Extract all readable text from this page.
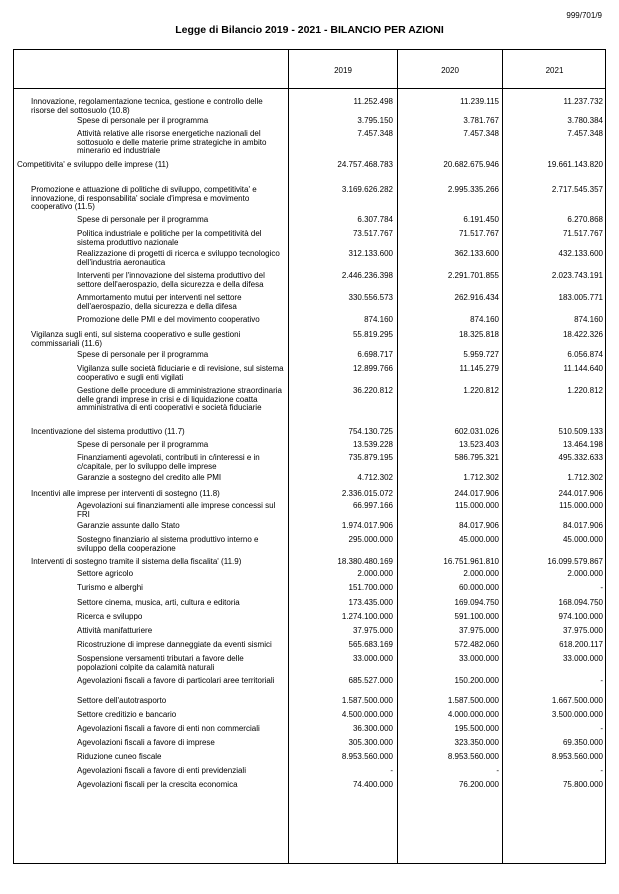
999/701/9
Legge di Bilancio 2019 - 2021 - BILANCIO PER AZIONI
2019	2020	2021
Innovazione, regolamentazione tecnica, gestione e controllo delle risorse del sottosuolo (10.8)
11.252.498	11.239.115	11.237.732
Spese di personale per il programma	3.795.150	3.781.767	3.780.384
Attività relative alle risorse energetiche nazionali del sottosuolo e delle materie prime strategiche in ambito minerario ed industriale
7.457.348	7.457.348	7.457.348
Competitivita' e sviluppo delle imprese (11)	24.757.468.783	20.682.675.946	19.661.143.820
Promozione e attuazione di politiche di sviluppo, competitivita' e innovazione, di responsabilita' sociale d'impresa e movimento cooperativo (11.5)
3.169.626.282	2.995.335.266	2.717.545.357
Spese di personale per il programma	6.307.784	6.191.450	6.270.868
Politica industriale e politiche per la competitività del sistema produttivo nazionale
73.517.767	71.517.767	71.517.767
Realizzazione di progetti di ricerca e sviluppo tecnologico dell'industria aeronautica
312.133.600	362.133.600	432.133.600
Interventi per l'innovazione del sistema produttivo del settore dell'aerospazio, della sicurezza e della difesa
2.446.236.398	2.291.701.855	2.023.743.191
Ammortamento mutui per interventi nel settore dell'aerospazio, della sicurezza e della difesa
330.556.573	262.916.434	183.005.771
Promozione delle PMI e del movimento cooperativo	874.160	874.160	874.160
Vigilanza sugli enti, sul sistema cooperativo e sulle gestioni commissariali (11.6)
55.819.295	18.325.818	18.422.326
Spese di personale per il programma	6.698.717	5.959.727	6.056.874
Vigilanza sulle società fiduciarie e di revisione, sul sistema cooperativo e sugli enti vigilati
12.899.766	11.145.279	11.144.640
Gestione delle procedure di amministrazione straordinaria delle grandi imprese in crisi e di liquidazione coatta amministrativa di enti cooperativi e società fiduciarie
36.220.812	1.220.812	1.220.812
Incentivazione del sistema produttivo (11.7)	754.130.725	602.031.026	510.509.133
Spese di personale per il programma	13.539.228	13.523.403	13.464.198
Finanziamenti agevolati, contributi in c/interessi e in c/capitale, per lo sviluppo delle imprese
735.879.195	586.795.321	495.332.633
Garanzie a sostegno del credito alle PMI	4.712.302	1.712.302	1.712.302
Incentivi alle imprese per interventi di sostegno (11.8)	2.336.015.072	244.017.906	244.017.906
Agevolazioni sui finanziamenti alle imprese concessi sul FRI
66.997.166	115.000.000	115.000.000
Garanzie assunte dallo Stato	1.974.017.906	84.017.906	84.017.906
Sostegno finanziario al sistema produttivo interno e sviluppo della cooperazione
295.000.000	45.000.000	45.000.000
Interventi di sostegno tramite il sistema della fiscalita' (11.9)	18.380.480.169	16.751.961.810	16.099.579.867
Settore agricolo	2.000.000	2.000.000	2.000.000
Turismo e alberghi	151.700.000	60.000.000	-
Settore cinema, musica, arti, cultura e editoria	173.435.000	169.094.750	168.094.750
Ricerca e sviluppo	1.274.100.000	591.100.000	974.100.000
Attività manifatturiere	37.975.000	37.975.000	37.975.000
Ricostruzione di imprese danneggiate da eventi sismici	565.683.169	572.482.060	618.200.117
Sospensione versamenti tributari a favore delle popolazioni colpite da calamità naturali
33.000.000	33.000.000	33.000.000
Agevolazioni fiscali a favore di particolari aree territoriali	685.527.000	150.200.000	-
Settore dell'autotrasporto	1.587.500.000	1.587.500.000	1.667.500.000
Settore creditizio e bancario	4.500.000.000	4.000.000.000	3.500.000.000
Agevolazioni fiscali a favore di enti non commerciali	36.300.000	195.500.000	-
Agevolazioni fiscali a favore di imprese	305.300.000	323.350.000	69.350.000
Riduzione cuneo fiscale	8.953.560.000	8.953.560.000	8.953.560.000
Agevolazioni fiscali a favore di enti previdenziali	-	-	-
Agevolazioni fiscali per la crescita economica	74.400.000	76.200.000	75.800.000
